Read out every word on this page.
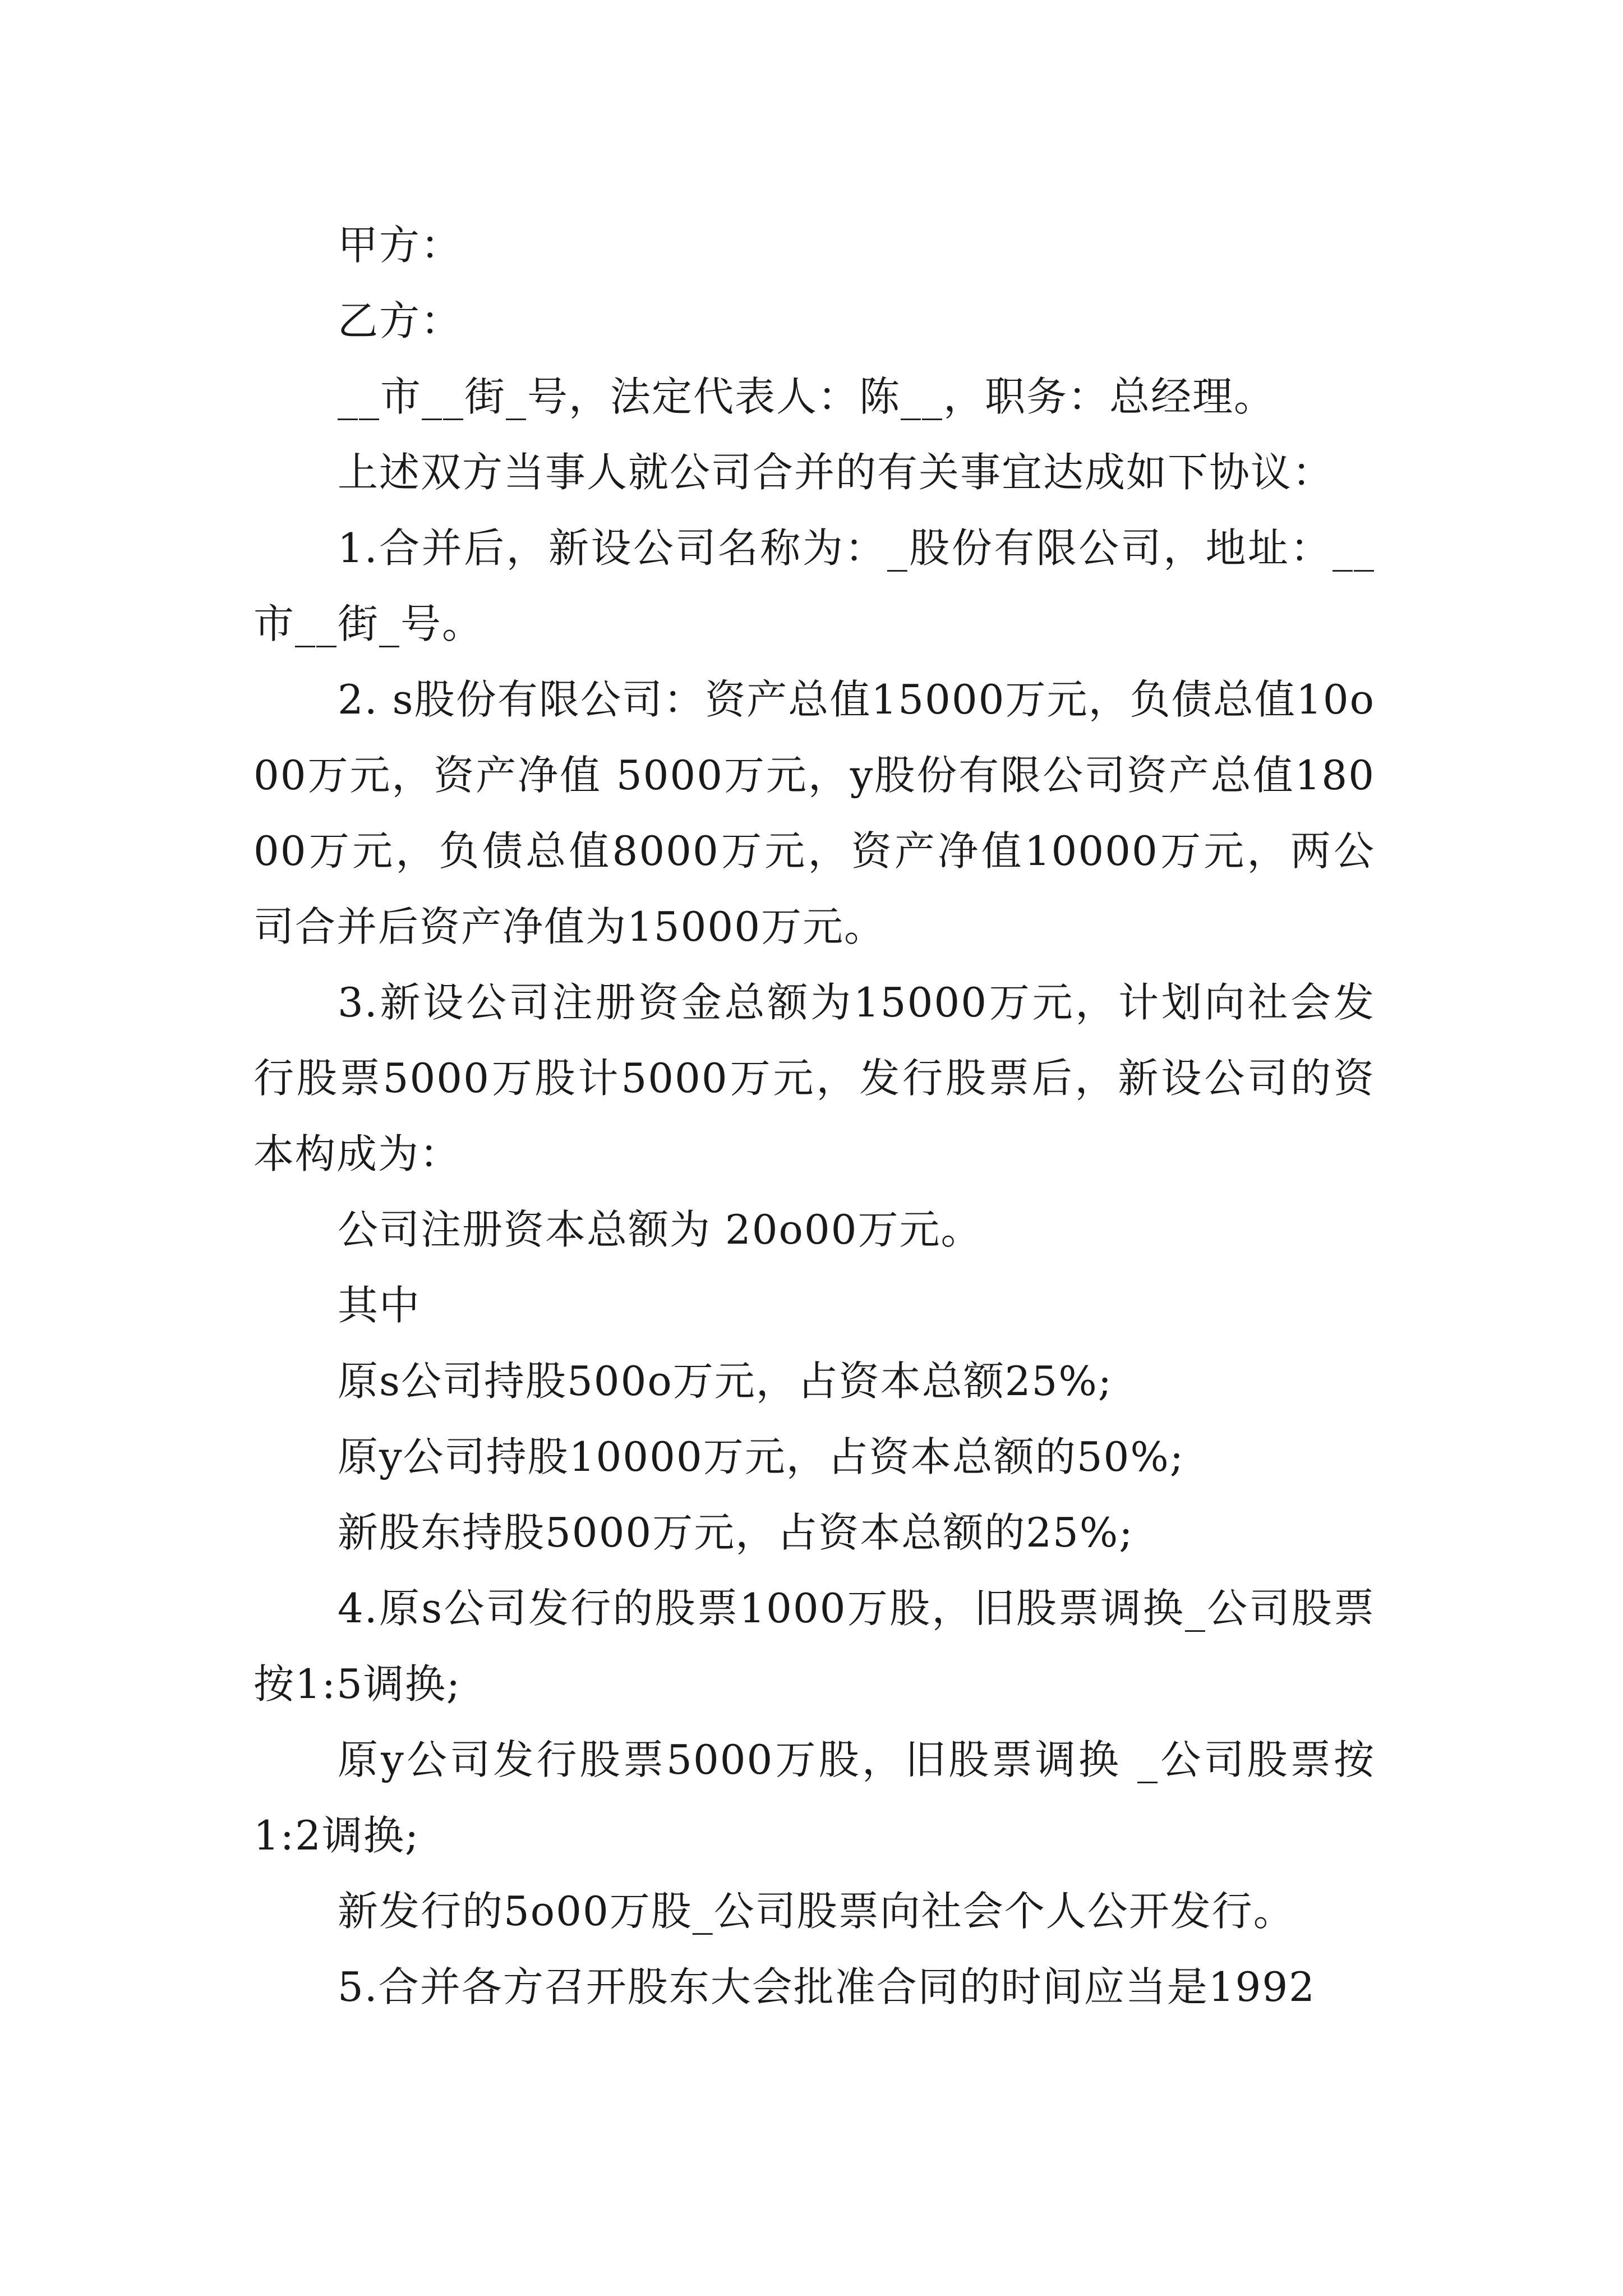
甲方：

乙方：

__市__街_号，法定代表人：陈__，职务：总经理。

上述双方当事人就公司合并的有关事宜达成如下协议：

1.合并后，新设公司名称为：_股份有限公司，地址：__市__街_号。

2. s股份有限公司：资产总值15000万元，负债总值10o00万元，资产净值 5000万元，y股份有限公司资产总值18000万元，负债总值8000万元，资产净值10000万元，两公司合并后资产净值为15000万元。

3.新设公司注册资金总额为15000万元，计划向社会发行股票5000万股计5000万元，发行股票后，新设公司的资本构成为：

公司注册资本总额为 20o00万元。

其中

原s公司持股500o万元，占资本总额25%;

原y公司持股10000万元，占资本总额的50%;

新股东持股5000万元，占资本总额的25%;

4.原s公司发行的股票1000万股，旧股票调换_公司股票按1:5调换;

原y公司发行股票5000万股，旧股票调换 _公司股票按1:2调换;

新发行的5o00万股_公司股票向社会个人公开发行。

5.合并各方召开股东大会批准合同的时间应当是1992
